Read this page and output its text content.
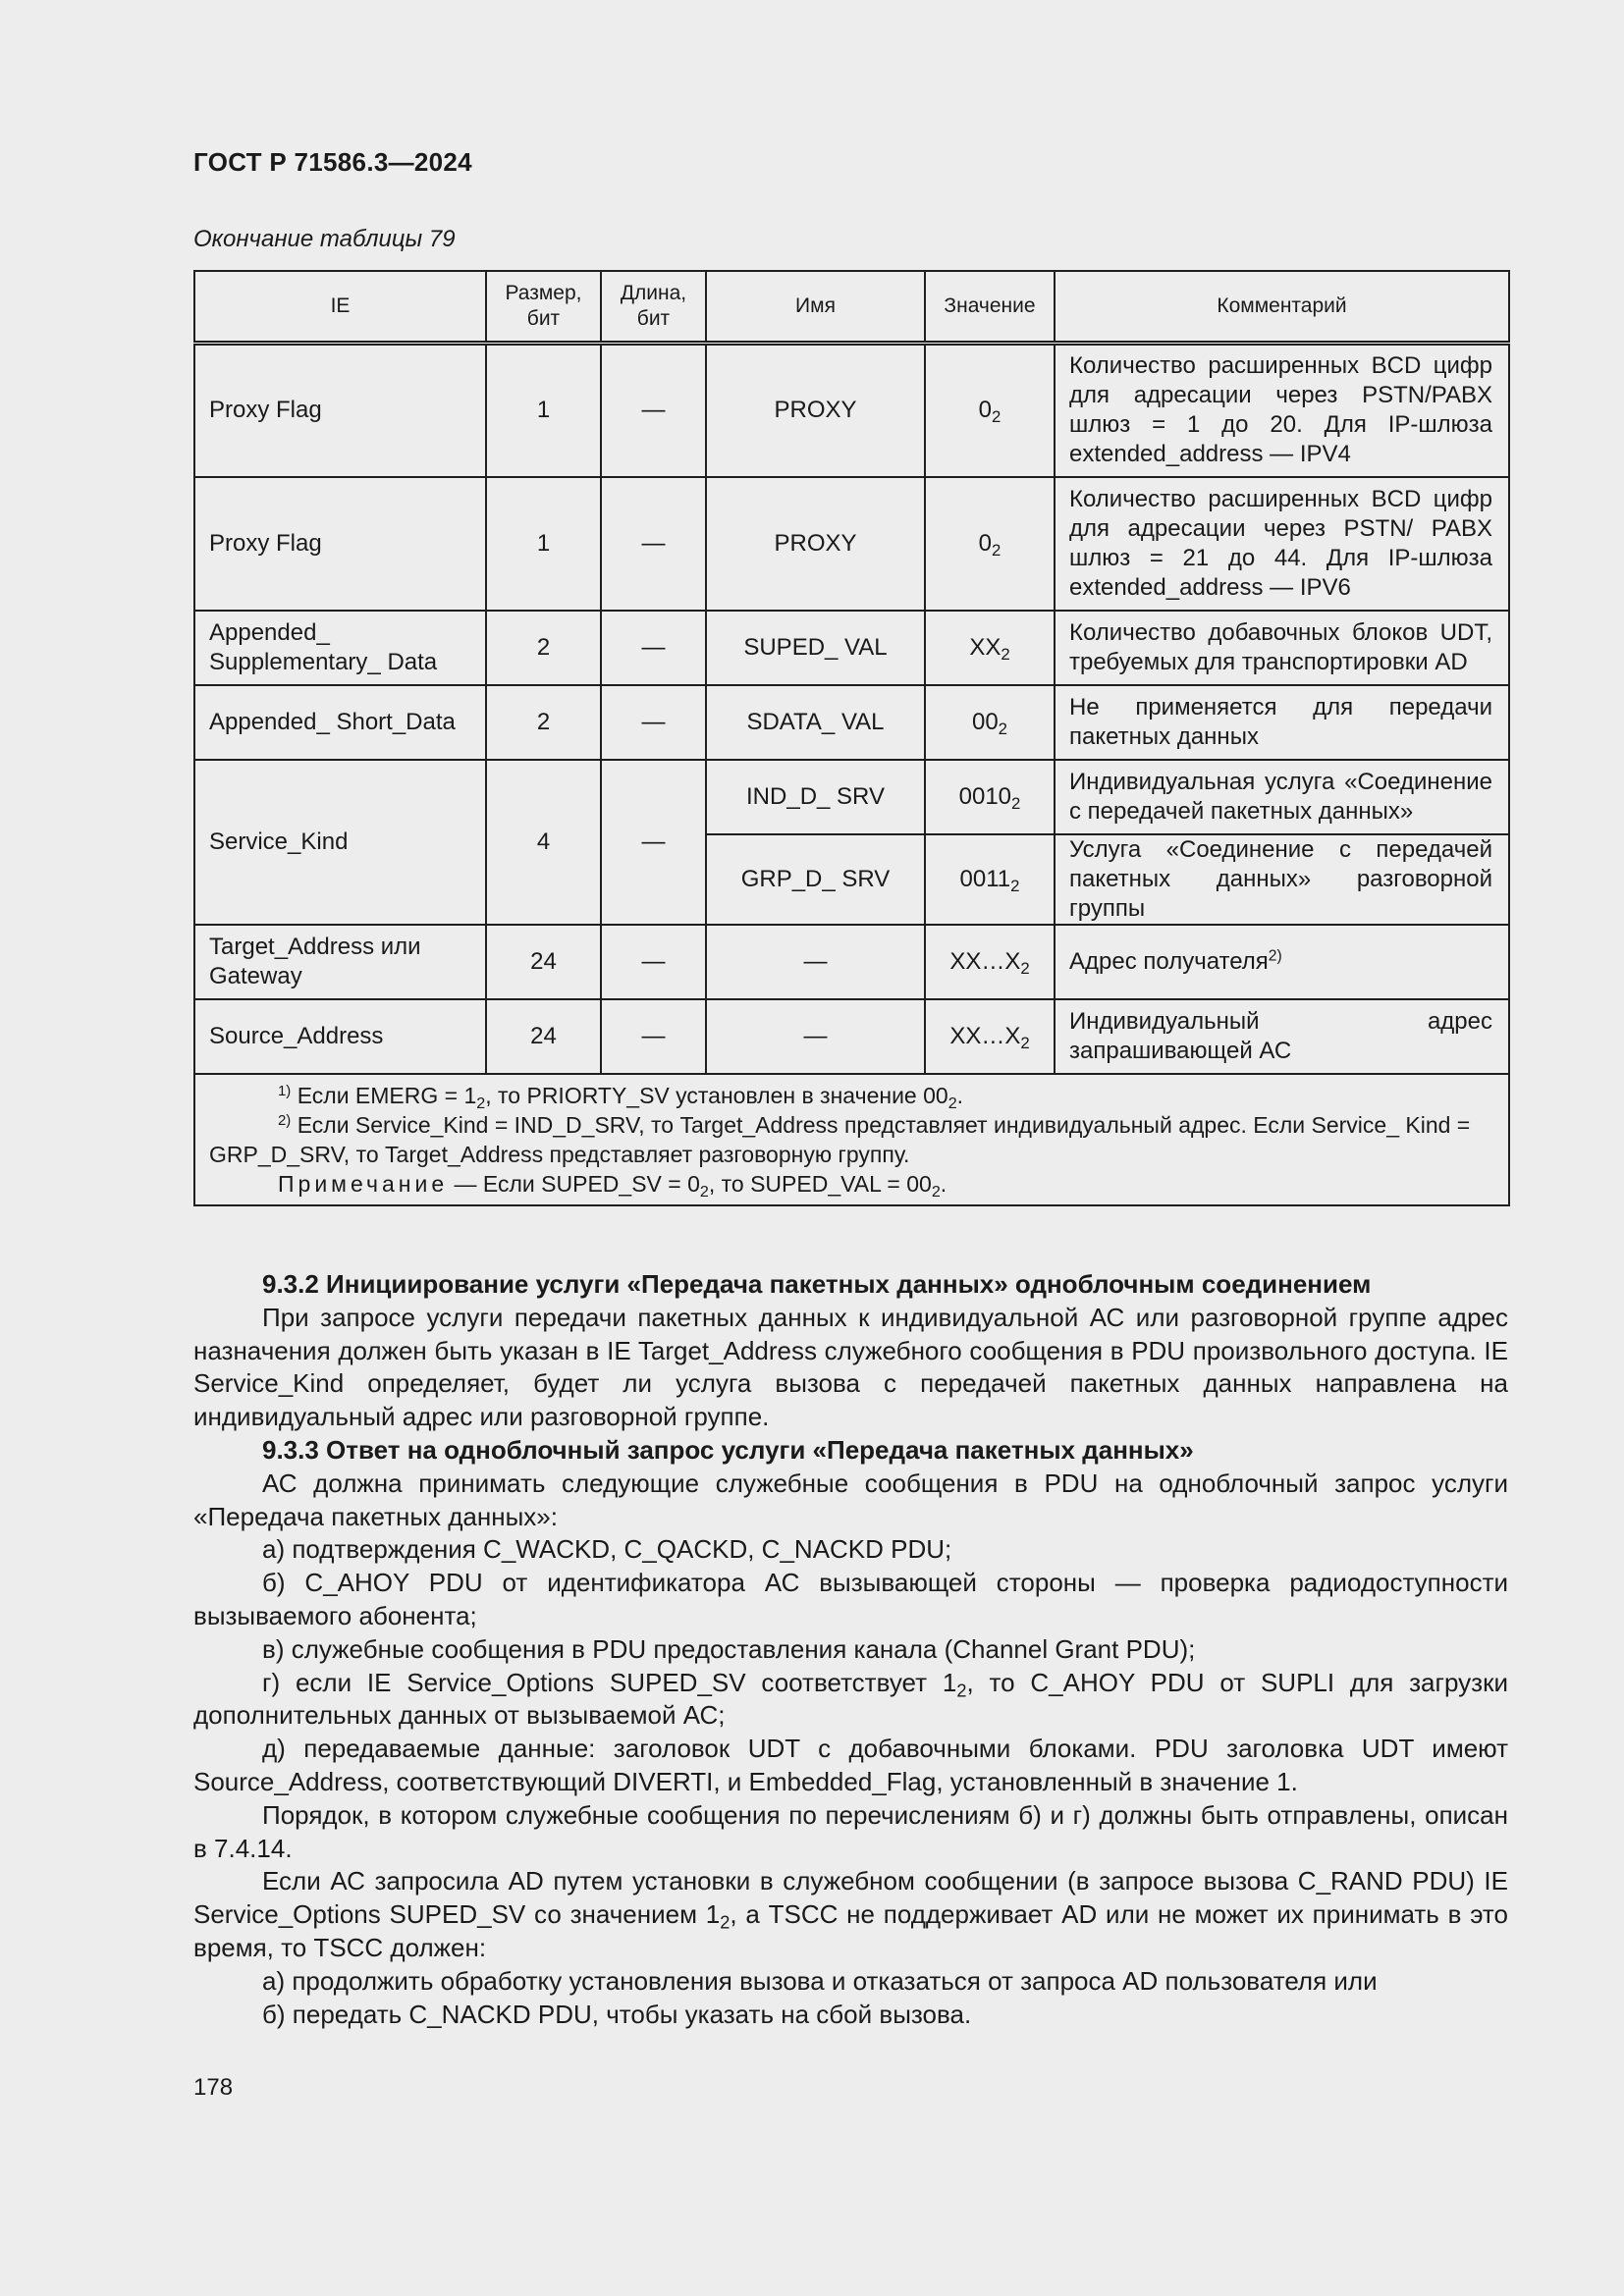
ГОСТ Р 71586.3—2024
Окончание таблицы 79
IE	Размер, бит	Длина, бит	Имя	Значение	Комментарий
Proxy Flag	1	—	PROXY	$0_2$	Количество расширенных BCD цифр для адресации через PSTN/PABX шлюз = 1 до 20. Для IP-шлюза extended_address — IPV4
Proxy Flag	1	—	PROXY	$0_2$	Количество расширенных BCD цифр для адресации через PSTN/ PABX шлюз = 21 до 44. Для IP-шлюза extended_address — IPV6
Appended_ Supplementary_ Data	2	—	SUPED_ VAL	$XX_2$	Количество добавочных блоков UDT, требуемых для транспортировки AD
Appended_ Short_Data	2	—	SDATA_ VAL	$00_2$	Не применяется для передачи пакетных данных
Service_Kind	4	—	IND_D_ SRV	$0010_2$	Индивидуальная услуга «Соединение с передачей пакетных данных»
			GRP_D_ SRV	$0011_2$	Услуга «Соединение с передачей пакетных данных» разговорной группы
Target_Address или Gateway	24	—	—	$XX\dots X_2$	Адрес получателя$^{2)}$
Source_Address	24	—	—	$XX\dots X_2$	Индивидуальный адрес запрашивающей АС

$^{1)}$ Если EMERG = $1_2$, то PRIORTY_SV установлен в значение $00_2$.
$^{2)}$ Если Service_Kind = IND_D_SRV, то Target_Address представляет индивидуальный адрес. Если Service_ Kind = GRP_D_SRV, то Target_Address представляет разговорную группу.
Примечание — Если SUPED_SV = $0_2$, то SUPED_VAL = $00_2$.					

9.3.2 Инициирование услуги «Передача пакетных данных» одноблочным соединением

При запросе услуги передачи пакетных данных к индивидуальной АС или разговорной группе адрес назначения должен быть указан в IE Target_Address служебного сообщения в PDU произвольного доступа. IE Service_Kind определяет, будет ли услуга вызова с передачей пакетных данных направлена на индивидуальный адрес или разговорной группе.

9.3.3 Ответ на одноблочный запрос услуги «Передача пакетных данных»

АС должна принимать следующие служебные сообщения в PDU на одноблочный запрос услуги «Передача пакетных данных»:

а) подтверждения C_WACKD, C_QACKD, C_NACKD PDU;

б) C_AHOY PDU от идентификатора АС вызывающей стороны — проверка радиодоступности вызываемого абонента;

в) служебные сообщения в PDU предоставления канала (Channel Grant PDU);

г) если IE Service_Options SUPED_SV соответствует $1_2$, то C_AHOY PDU от SUPLI для загрузки дополнительных данных от вызываемой АС;

д) передаваемые данные: заголовок UDT с добавочными блоками. PDU заголовка UDT имеют Source_Address, соответствующий DIVERTI, и Embedded_Flag, установленный в значение 1.

Порядок, в котором служебные сообщения по перечислениям б) и г) должны быть отправлены, описан в 7.4.14.

Если АС запросила AD путем установки в служебном сообщении (в запросе вызова C_RAND PDU) IE Service_Options SUPED_SV со значением $1_2$, а TSCC не поддерживает AD или не может их принимать в это время, то TSCC должен:

а) продолжить обработку установления вызова и отказаться от запроса AD пользователя или

б) передать C_NACKD PDU, чтобы указать на сбой вызова.

178
